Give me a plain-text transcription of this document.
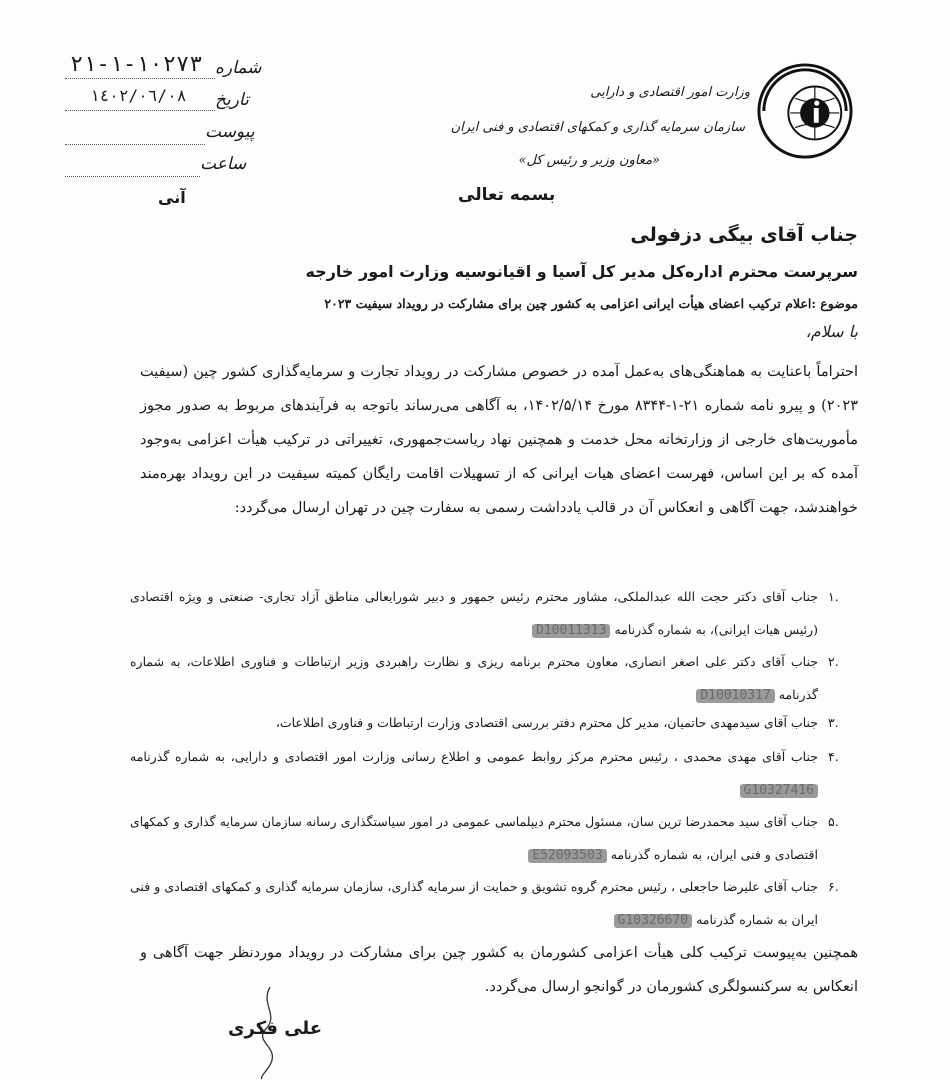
شماره
١٠٢٧٣-١-٢١
تاریخ
١٤٠٢/٠٦/٠٨
پیوست
ساعت
آنی
وزارت امور اقتصادی و دارایی
سازمان سرمایه گذاری و کمکهای اقتصادی و فنی ایران
«معاون وزیر و رئیس کل»
بسمه تعالی
جناب آقای بیگی دزفولی
سرپرست محترم اداره‌کل مدیر کل آسیا و اقیانوسیه وزارت امور خارجه
موضوع :اعلام ترکیب اعضای هیأت ایرانی اعزامی به کشور چین برای مشارکت در رویداد سیفیت ۲۰۲۳
با سلام،
احتراماً باعنایت به هماهنگی‌های به‌عمل آمده در خصوص مشارکت در رویداد تجارت و سرمایه‌گذاری کشور چین (سیفیت ۲۰۲۳) و پیرو نامه شماره ۲۱-۱-۸۳۴۴ مورخ ۱۴۰۲/۵/۱۴، به آگاهی می‌رساند باتوجه به فرآیندهای مربوط به صدور مجوز مأموریت‌های خارجی از وزارتخانه محل خدمت و همچنین نهاد ریاست‌جمهوری، تغییراتی در ترکیب هیأت اعزامی به‌وجود آمده که بر این اساس، فهرست اعضای هیات ایرانی که از تسهیلات اقامت رایگان کمیته سیفیت در این رویداد بهره‌مند خواهندشد، جهت آگاهی و انعکاس آن در قالب یادداشت رسمی به سفارت چین در تهران ارسال می‌گردد:
.۱
جناب آقای دکتر حجت الله عبدالملکی، مشاور محترم رئیس جمهور و دبیر شورایعالی مناطق آزاد تجاری- صنعتی و ویژه اقتصادی (رئیس هیات ایرانی)، به شماره گذرنامه D10011313
.۲
جناب آقای دکتر علی اصغر انصاری، معاون محترم برنامه ریزی و نظارت راهبردی وزیر ارتباطات و فناوری اطلاعات، به شماره گذرنامه D10010317
.۳
جناب آقای سیدمهدی حاتمیان، مدیر کل محترم دفتر بررسی اقتصادی وزارت ارتباطات و فناوری اطلاعات،
.۴
جناب آقای مهدی محمدی ، رئیس محترم مرکز روابط عمومی و اطلاع رسانی وزارت امور اقتصادی و دارایی، به شماره گذرنامه G10327416
.۵
جناب آقای سید محمدرضا ترین سان، مسئول محترم دیپلماسی عمومی در امور سیاستگذاری رسانه سازمان سرمایه گذاری و کمکهای اقتصادی و فنی ایران، به شماره گذرنامه E52093503
.۶
جناب آقای علیرضا حاجعلی ، رئیس محترم گروه تشویق و حمایت از سرمایه گذاری، سازمان سرمایه گذاری و کمکهای اقتصادی و فنی ایران به شماره گذرنامه G10326670
همچنین به‌پیوست ترکیب کلی هیأت اعزامی کشورمان به کشور چین برای مشارکت در رویداد موردنظر جهت آگاهی و انعکاس به سرکنسولگری کشورمان در گوانجو ارسال می‌گردد.
علی فکری
